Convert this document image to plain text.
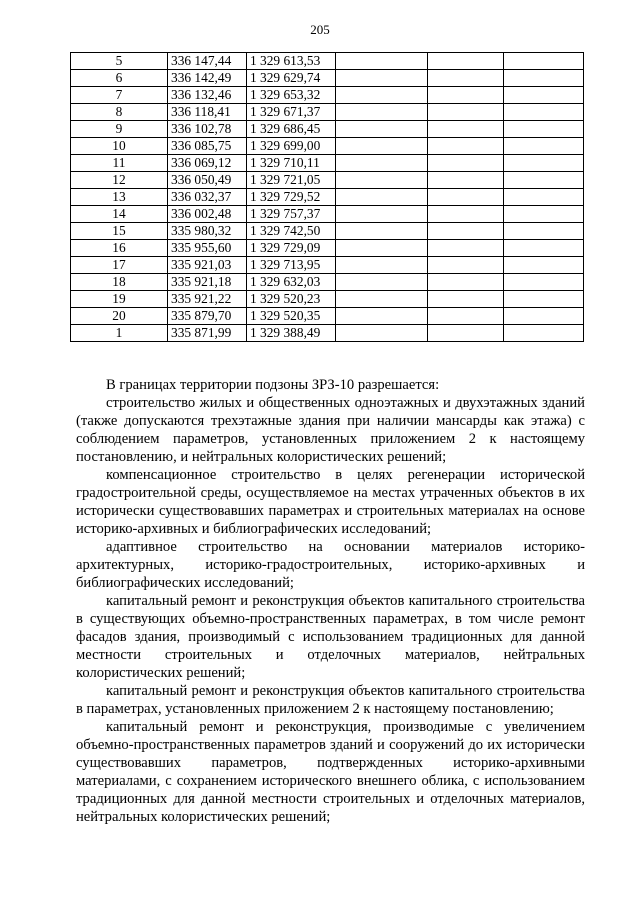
205
5	336 147,44	1 329 613,53			
6	336 142,49	1 329 629,74			
7	336 132,46	1 329 653,32			
8	336 118,41	1 329 671,37			
9	336 102,78	1 329 686,45			
10	336 085,75	1 329 699,00			
11	336 069,12	1 329 710,11			
12	336 050,49	1 329 721,05			
13	336 032,37	1 329 729,52			
14	336 002,48	1 329 757,37			
15	335 980,32	1 329 742,50			
16	335 955,60	1 329 729,09			
17	335 921,03	1 329 713,95			
18	335 921,18	1 329 632,03			
19	335 921,22	1 329 520,23			
20	335 879,70	1 329 520,35			
1	335 871,99	1 329 388,49			

В границах территории подзоны ЗРЗ-10 разрешается:

строительство жилых и общественных одноэтажных и двухэтажных зданий (также допускаются трехэтажные здания при наличии мансарды как этажа) с соблюдением параметров, установленных приложением 2 к настоящему постановлению, и нейтральных колористических решений;

компенсационное строительство в целях регенерации исторической градостроительной среды, осуществляемое на местах утраченных объектов в их исторически существовавших параметрах и строительных материалах на основе историко-архивных и библиографических исследований;

адаптивное строительство на основании материалов историко-архитектурных, историко-градостроительных, историко-архивных и библиографических исследований;

капитальный ремонт и реконструкция объектов капитального строительства в существующих объемно-пространственных параметрах, в том числе ремонт фасадов здания, производимый с использованием традиционных для данной местности строительных и отделочных материалов, нейтральных колористических решений;

капитальный ремонт и реконструкция объектов капитального строительства в параметрах, установленных приложением 2 к настоящему постановлению;

капитальный ремонт и реконструкция, производимые с увеличением объемно-пространственных параметров зданий и сооружений до их исторически существовавших параметров, подтвержденных историко-архивными материалами, с сохранением исторического внешнего облика, с использованием традиционных для данной местности строительных и отделочных материалов, нейтральных колористических решений;
